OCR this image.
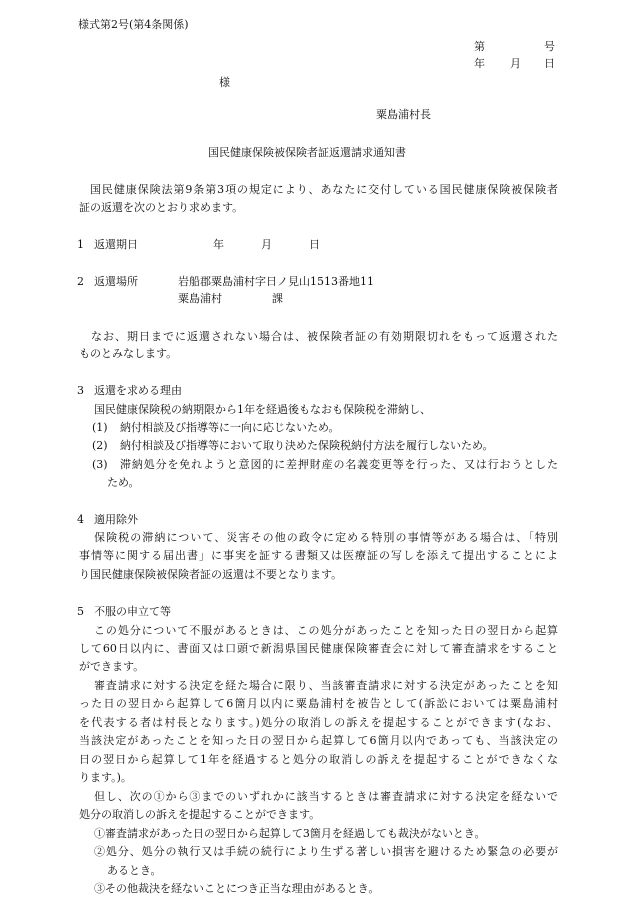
様式第2号(第4条関係)
第	号
年 月 日
様
粟島浦村長
国民健康保険被保険者証返還請求通知書
国民健康保険法第9条第3項の規定により、あなたに交付している国民健康保険被保険者
証の返還を次のとおり求めます。
1 返還期日	年	月	日
2 返還場所	岩船郡粟島浦村字日ノ見山1513番地11
粟島浦村	課
なお、期日までに返還されない場合は、被保険者証の有効期限切れをもって返還された
ものとみなします。
3 返還を求める理由
国民健康保険税の納期限から1年を経過後もなおも保険税を滞納し、
(1) 納付相談及び指導等に一向に応じないため。
(2) 納付相談及び指導等において取り決めた保険税納付方法を履行しないため。
(3) 滞納処分を免れようと意図的に差押財産の名義変更等を行った、又は行おうとした
ため。
4 適用除外
保険税の滞納について、災害その他の政令に定める特別の事情等がある場合は、「特別
事情等に関する届出書」に事実を証する書類又は医療証の写しを添えて提出することによ
り国民健康保険被保険者証の返還は不要となります。
5 不服の申立て等
この処分について不服があるときは、この処分があったことを知った日の翌日から起算
して60日以内に、書面又は口頭で新潟県国民健康保険審査会に対して審査請求をすること
ができます。
審査請求に対する決定を経た場合に限り、当該審査請求に対する決定があったことを知
った日の翌日から起算して6箇月以内に粟島浦村を被告として(訴訟においては粟島浦村
を代表する者は村長となります。)処分の取消しの訴えを提起することができます(なお、
当該決定があったことを知った日の翌日から起算して6箇月以内であっても、当該決定の
日の翌日から起算して1年を経過すると処分の取消しの訴えを提起することができなくな
ります。)。
但し、次の①から③までのいずれかに該当するときは審査請求に対する決定を経ないで
処分の取消しの訴えを提起することができます。
①審査請求があった日の翌日から起算して3箇月を経過しても裁決がないとき。
②処分、処分の執行又は手続の続行により生ずる著しい損害を避けるため緊急の必要が
あるとき。
③その他裁決を経ないことにつき正当な理由があるとき。
